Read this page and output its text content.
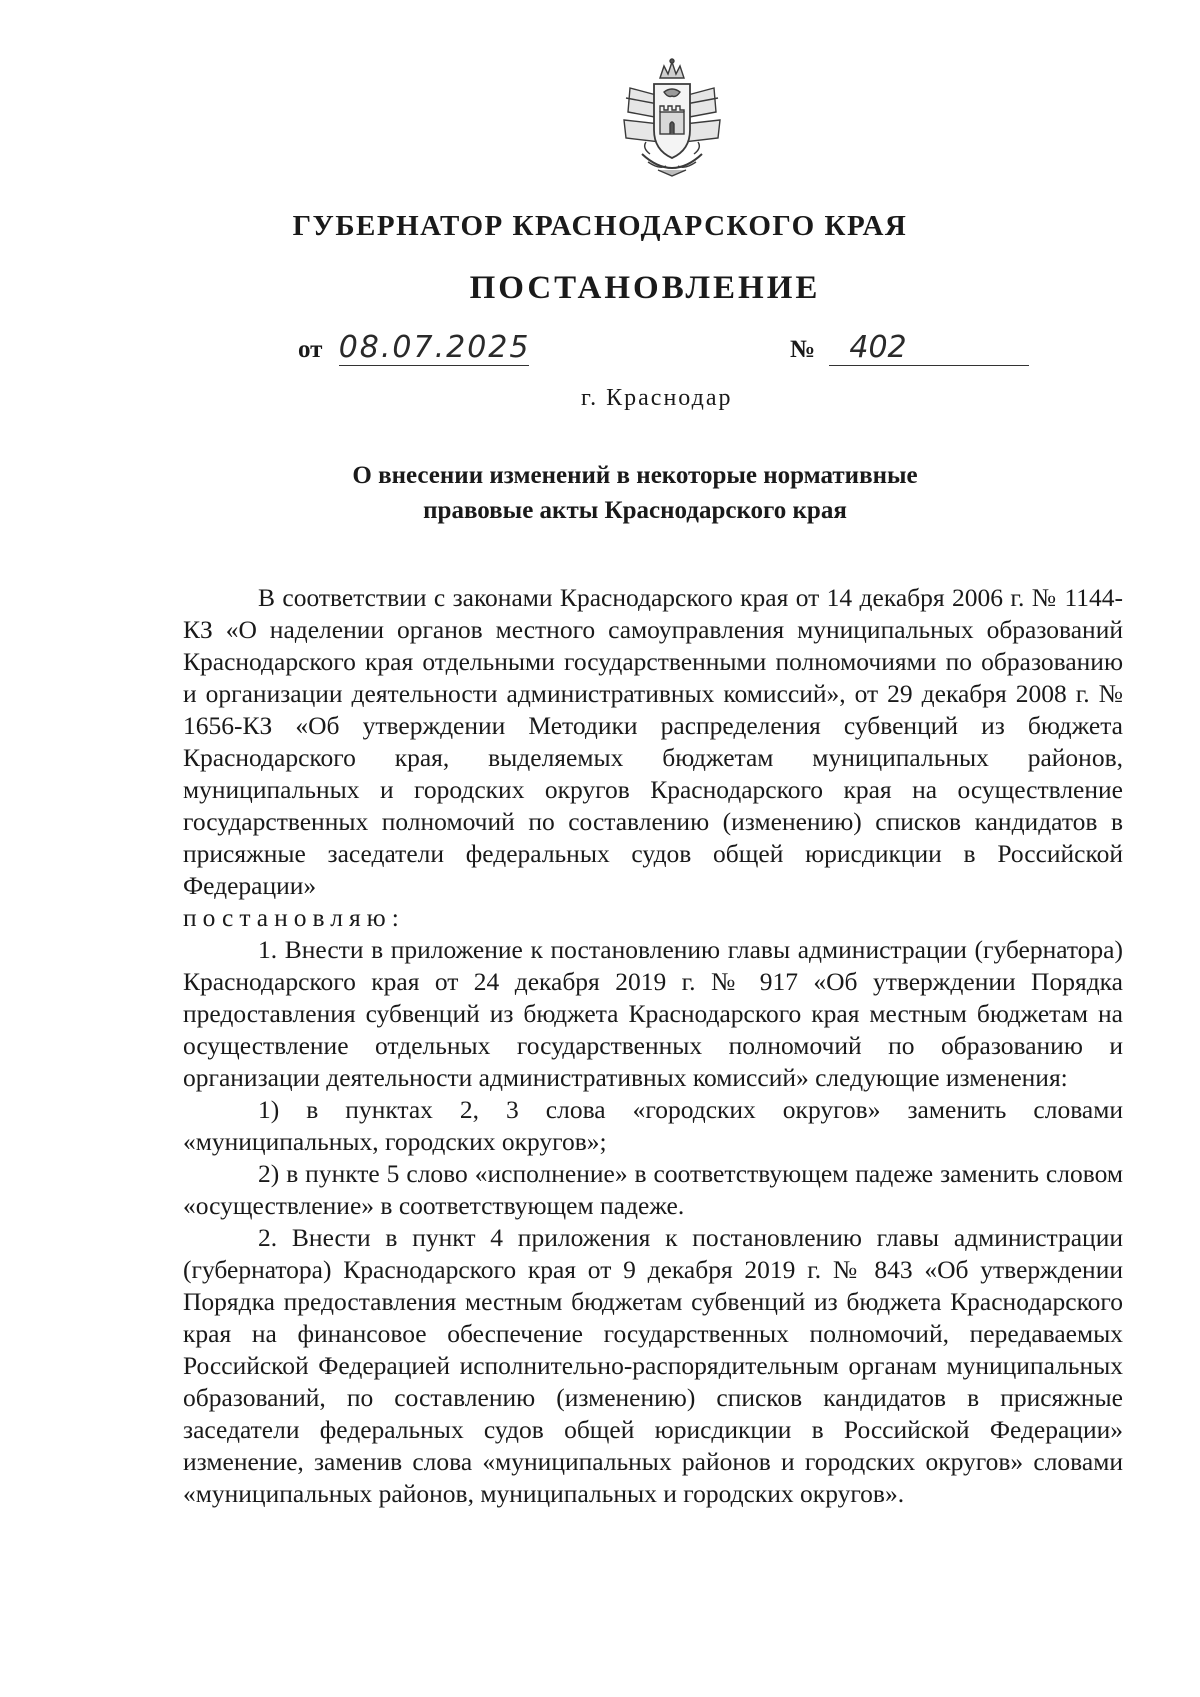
ГУБЕРНАТОР КРАСНОДАРСКОГО КРАЯ
ПОСТАНОВЛЕНИЕ
от 08.07.2025	№ 402
г. Краснодар
О внесении изменений в некоторые нормативные
правовые акты Краснодарского края

В соответствии с законами Краснодарского края от 14 декабря 2006 г. № 1144-КЗ «О наделении органов местного самоуправления муниципальных образований Краснодарского края отдельными государственными полномочиями по образованию и организации деятельности административных комиссий», от 29 декабря 2008 г. № 1656-КЗ «Об утверждении Методики распределения субвенций из бюджета Краснодарского края, выделяемых бюджетам муниципальных районов, муниципальных и городских округов Краснодарского края на осуществление государственных полномочий по составлению (изменению) списков кандидатов в присяжные заседатели федеральных судов общей юрисдикции в Российской Федерации»

постановляю:

1. Внести в приложение к постановлению главы администрации (губернатора) Краснодарского края от 24 декабря 2019 г. № 917 «Об утверждении Порядка предоставления субвенций из бюджета Краснодарского края местным бюджетам на осуществление отдельных государственных полномочий по образованию и организации деятельности административных комиссий» следующие изменения:

1) в пунктах 2, 3 слова «городских округов» заменить словами «муниципальных, городских округов»;

2) в пункте 5 слово «исполнение» в соответствующем падеже заменить словом «осуществление» в соответствующем падеже.

2. Внести в пункт 4 приложения к постановлению главы администрации (губернатора) Краснодарского края от 9 декабря 2019 г. № 843 «Об утверждении Порядка предоставления местным бюджетам субвенций из бюджета Краснодарского края на финансовое обеспечение государственных полномочий, передаваемых Российской Федерацией исполнительно-распорядительным органам муниципальных образований, по составлению (изменению) списков кандидатов в присяжные заседатели федеральных судов общей юрисдикции в Российской Федерации» изменение, заменив слова «муниципальных районов и городских округов» словами «муниципальных районов, муниципальных и городских округов».
